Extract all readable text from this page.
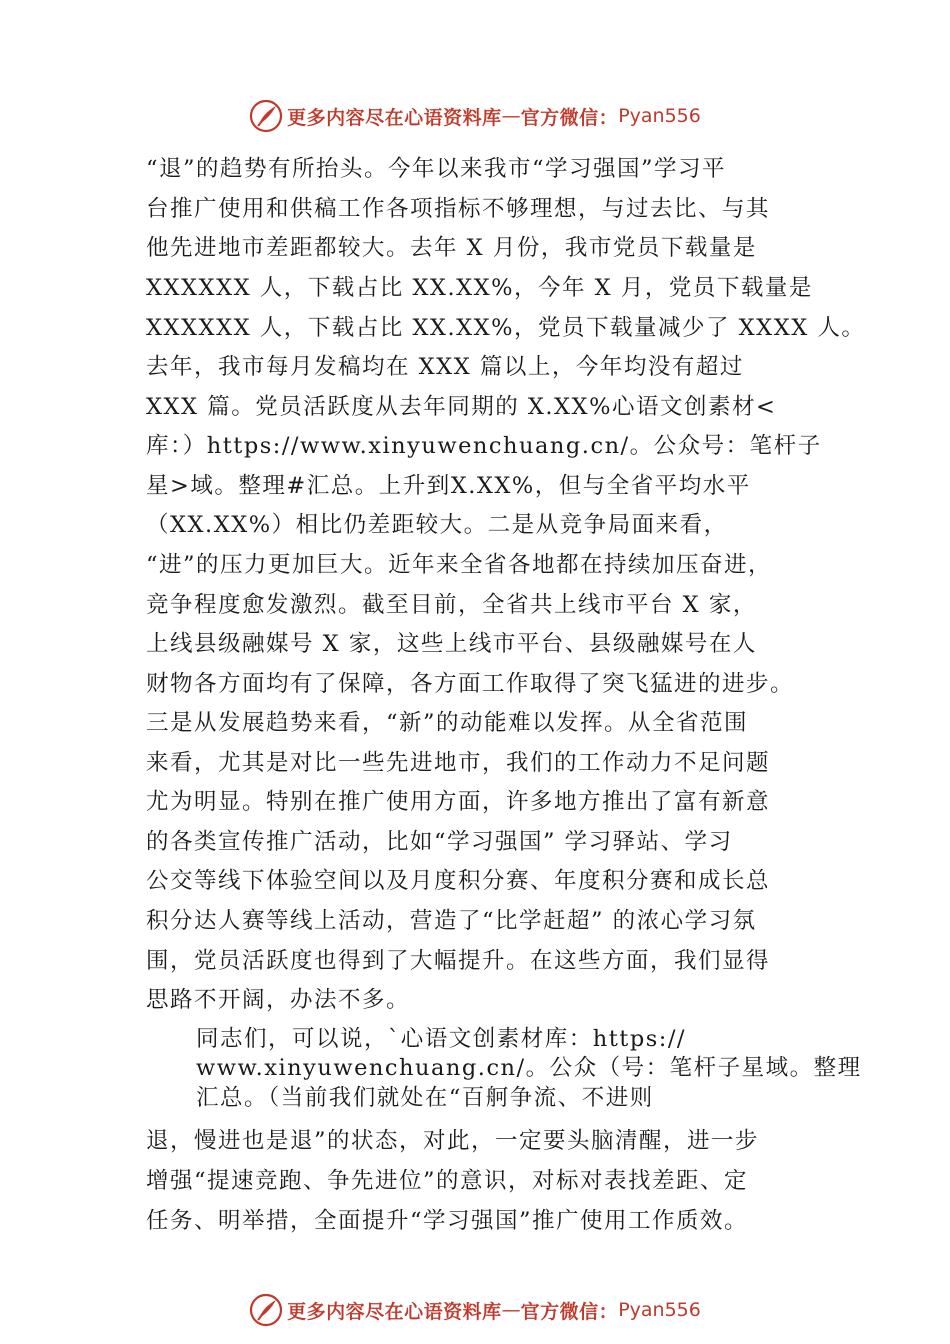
更多内容尽在心语资料库 — 官方微信： Pyan556
“退”的趋势有所抬头。今年以来我市“学习强国”学习平
台推广使用和供稿工作各项指标不够理想，与过去比、与其
他先进地市差距都较大。去年 X 月份，我市党员下载量是
XXXXXX 人，下载占比 XX.XX%，今年 X 月，党员下载量是
XXXXXX 人，下载占比 XX.XX%，党员下载量减少了 XXXX 人。
去年，我市每月发稿均在 XXX 篇以上，今年均没有超过
XXX 篇。党员活跃度从去年同期的 X.XX%心语文创素材<
库：）https://www.xinyuwenchuang.cn/。公众号：笔杆子
星>域。整理#汇总。上升到X.XX%，但与全省平均水平
（XX.XX%）相比仍差距较大。二是从竞争局面来看，
“进”的压力更加巨大。近年来全省各地都在持续加压奋进，
竞争程度愈发激烈。截至目前，全省共上线市平台 X 家，
上线县级融媒号 X 家，这些上线市平台、县级融媒号在人
财物各方面均有了保障，各方面工作取得了突飞猛进的进步。
三是从发展趋势来看，“新”的动能难以发挥。从全省范围
来看，尤其是对比一些先进地市，我们的工作动力不足问题
尤为明显。特别在推广使用方面，许多地方推出了富有新意
的各类宣传推广活动，比如“学习强国” 学习驿站、学习
公交等线下体验空间以及月度积分赛、年度积分赛和成长总
积分达人赛等线上活动，营造了“比学赶超” 的浓心学习氛
围，党员活跃度也得到了大幅提升。在这些方面，我们显得
思路不开阔，办法不多。
同志们，可以说，`心语文创素材库：https://
www.xinyuwenchuang.cn/。公众（号：笔杆子星域。整理
汇总。（当前我们就处在“百舸争流、不进则
退，慢进也是退”的状态，对此，一定要头脑清醒，进一步
增强“提速竞跑、争先进位”的意识，对标对表找差距、定
任务、明举措，全面提升“学习强国”推广使用工作质效。
更多内容尽在心语资料库 — 官方微信： Pyan556
